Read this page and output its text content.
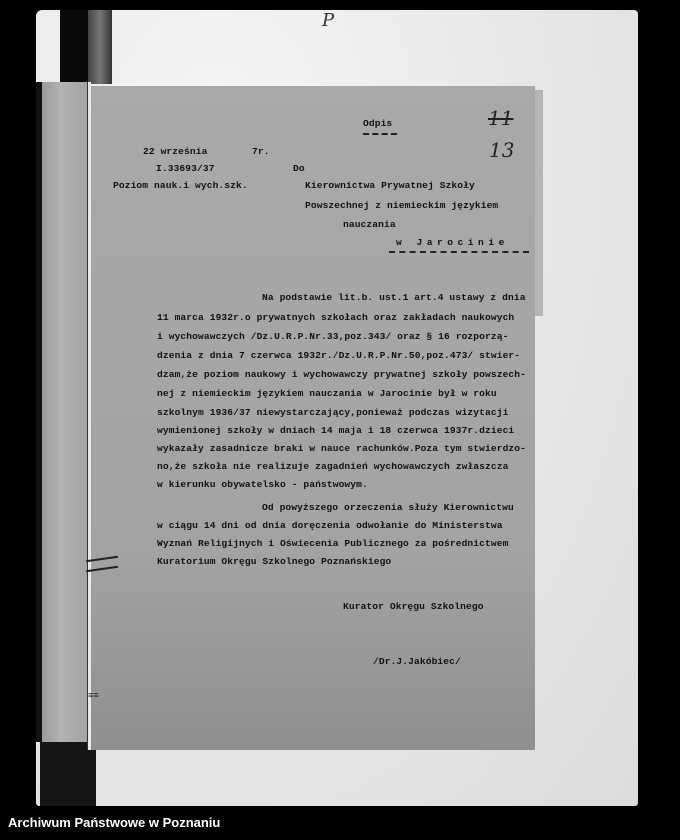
P
Odpis	11
13
22 września	7r.
I.33693/37	Do
Poziom nauk.i wych.szk.	Kierownictwa Prywatnej Szkoły
Powszechnej z niemieckim językiem
nauczania
w Jarocinie
Na podstawie lit.b. ust.1 art.4 ustawy z dnia
11 marca 1932r.o prywatnych szkołach oraz zakładach naukowych
i wychowawczych /Dz.U.R.P.Nr.33,poz.343/ oraz § 16 rozporzą-
dzenia z dnia 7 czerwca 1932r./Dz.U.R.P.Nr.50,poz.473/ stwier-
dzam,że poziom naukowy i wychowawczy prywatnej szkoły powszech-
nej z niemieckim językiem nauczania w Jarocinie był w roku
szkolnym 1936/37 niewystarczający,ponieważ podczas wizytacji
wymienionej szkoły w dniach 14 maja i 18 czerwca 1937r.dzieci
wykazały zasadnicze braki w nauce rachunków.Poza tym stwierdzo-
no,że szkoła nie realizuje zagadnień wychowawczych zwłaszcza
w kierunku obywatelsko - państwowym.
Od powyższego orzeczenia służy Kierownictwu
w ciągu 14 dni od dnia doręczenia odwołanie do Ministerstwa
Wyznań Religijnych i Oświecenia Publicznego za pośrednictwem
Kuratorium Okręgu Szkolnego Poznańskiego
Kurator Okręgu Szkolnego
/Dr.J.Jakóbiec/
≡≡
Archiwum Państwowe w Poznaniu
